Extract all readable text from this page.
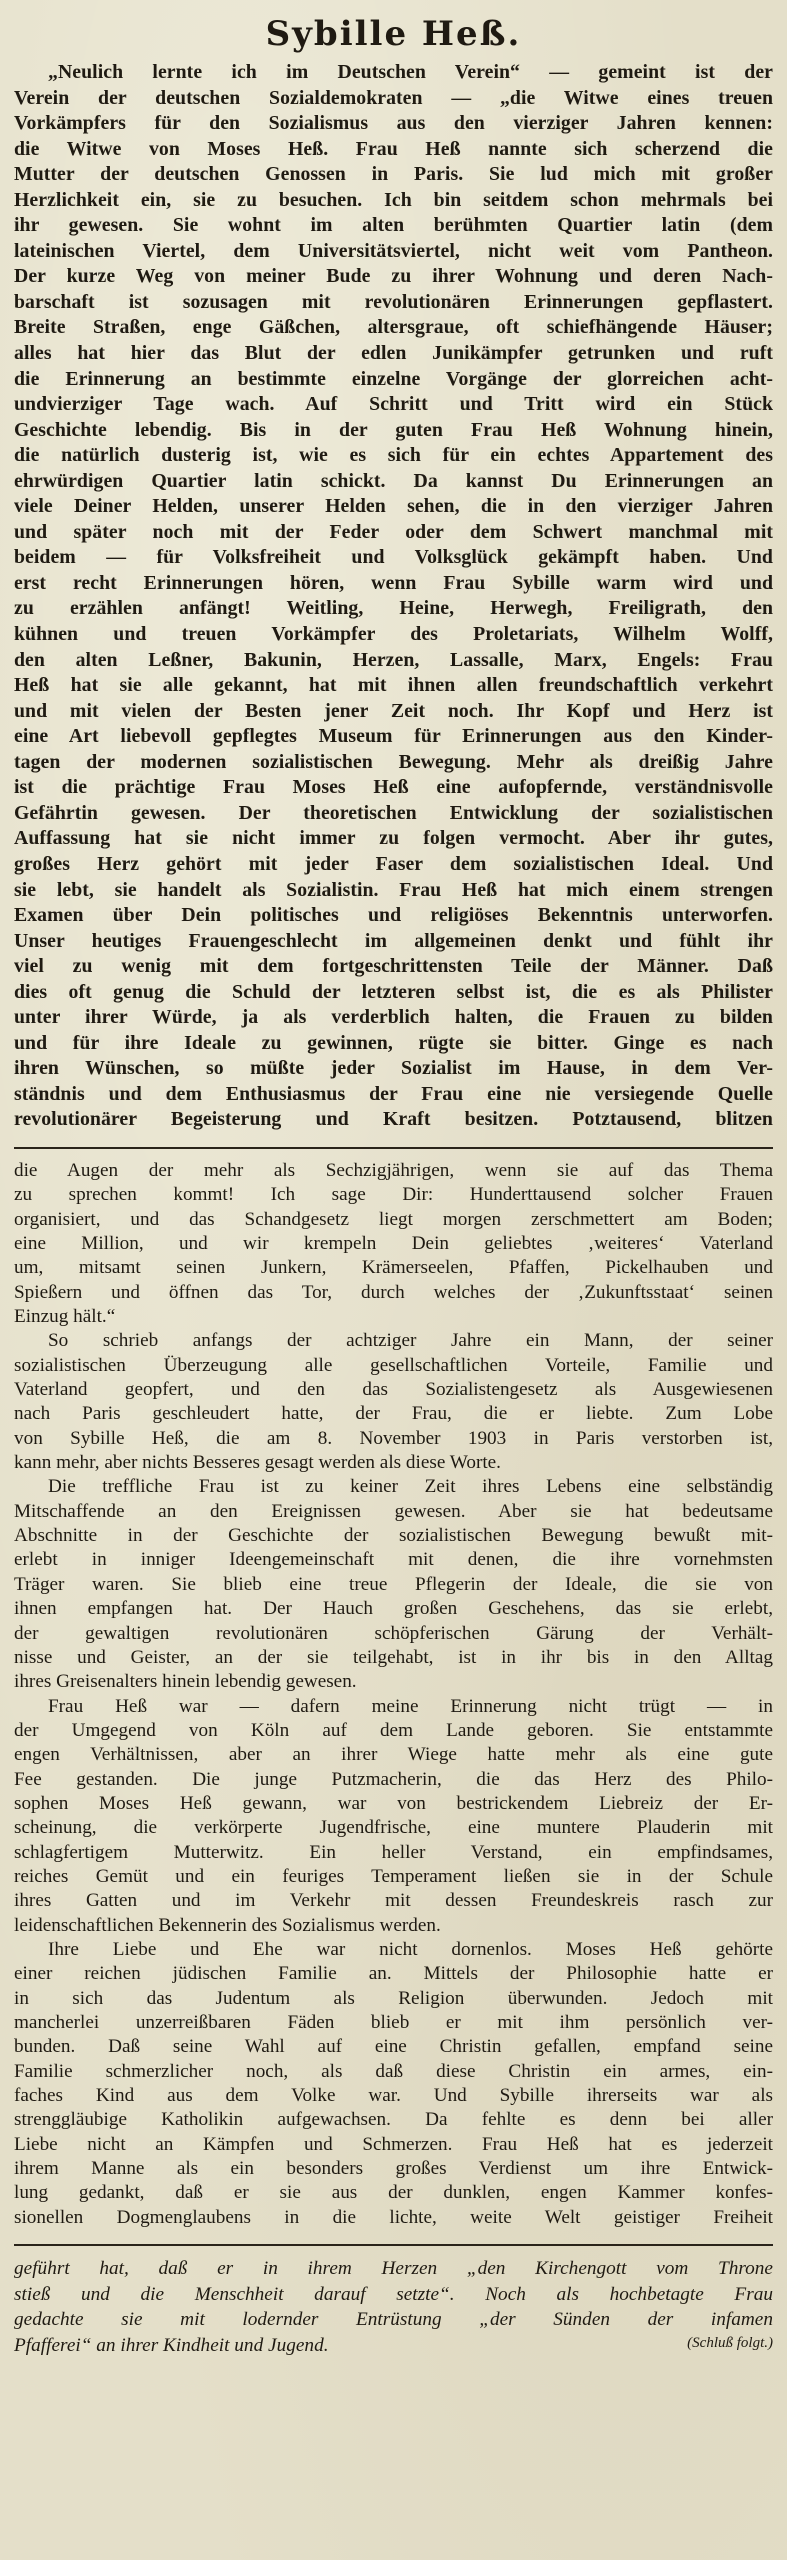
Sybille Heß.

„Neulich lernte ich im Deutschen Verein“ — gemeint ist der

Verein der deutschen Sozialdemokraten — „die Witwe eines treuen

Vorkämpfers für den Sozialismus aus den vierziger Jahren kennen:

die Witwe von Moses Heß. Frau Heß nannte sich scherzend die

Mutter der deutschen Genossen in Paris. Sie lud mich mit großer

Herzlichkeit ein, sie zu besuchen. Ich bin seitdem schon mehrmals bei

ihr gewesen. Sie wohnt im alten berühmten Quartier latin (dem

lateinischen Viertel, dem Universitätsviertel, nicht weit vom Pantheon.

Der kurze Weg von meiner Bude zu ihrer Wohnung und deren Nach-

barschaft ist sozusagen mit revolutionären Erinnerungen gepflastert.

Breite Straßen, enge Gäßchen, altersgraue, oft schiefhängende Häuser;

alles hat hier das Blut der edlen Junikämpfer getrunken und ruft

die Erinnerung an bestimmte einzelne Vorgänge der glorreichen acht-

undvierziger Tage wach. Auf Schritt und Tritt wird ein Stück

Geschichte lebendig. Bis in der guten Frau Heß Wohnung hinein,

die natürlich dusterig ist, wie es sich für ein echtes Appartement des

ehrwürdigen Quartier latin schickt. Da kannst Du Erinnerungen an

viele Deiner Helden, unserer Helden sehen, die in den vierziger Jahren

und später noch mit der Feder oder dem Schwert manchmal mit

beidem — für Volksfreiheit und Volksglück gekämpft haben. Und

erst recht Erinnerungen hören, wenn Frau Sybille warm wird und

zu erzählen anfängt! Weitling, Heine, Herwegh, Freiligrath, den

kühnen und treuen Vorkämpfer des Proletariats, Wilhelm Wolff,

den alten Leßner, Bakunin, Herzen, Lassalle, Marx, Engels: Frau

Heß hat sie alle gekannt, hat mit ihnen allen freundschaftlich verkehrt

und mit vielen der Besten jener Zeit noch. Ihr Kopf und Herz ist

eine Art liebevoll gepflegtes Museum für Erinnerungen aus den Kinder-

tagen der modernen sozialistischen Bewegung. Mehr als dreißig Jahre

ist die prächtige Frau Moses Heß eine aufopfernde, verständnisvolle

Gefährtin gewesen. Der theoretischen Entwicklung der sozialistischen

Auffassung hat sie nicht immer zu folgen vermocht. Aber ihr gutes,

großes Herz gehört mit jeder Faser dem sozialistischen Ideal. Und

sie lebt, sie handelt als Sozialistin. Frau Heß hat mich einem strengen

Examen über Dein politisches und religiöses Bekenntnis unterworfen.

Unser heutiges Frauengeschlecht im allgemeinen denkt und fühlt ihr

viel zu wenig mit dem fortgeschrittensten Teile der Männer. Daß

dies oft genug die Schuld der letzteren selbst ist, die es als Philister

unter ihrer Würde, ja als verderblich halten, die Frauen zu bilden

und für ihre Ideale zu gewinnen, rügte sie bitter. Ginge es nach

ihren Wünschen, so müßte jeder Sozialist im Hause, in dem Ver-

ständnis und dem Enthusiasmus der Frau eine nie versiegende Quelle

revolutionärer Begeisterung und Kraft besitzen. Potztausend, blitzen

die Augen der mehr als Sechzigjährigen, wenn sie auf das Thema

zu sprechen kommt! Ich sage Dir: Hunderttausend solcher Frauen

organisiert, und das Schandgesetz liegt morgen zerschmettert am Boden;

eine Million, und wir krempeln Dein geliebtes ‚weiteres‘ Vaterland

um, mitsamt seinen Junkern, Krämerseelen, Pfaffen, Pickelhauben und

Spießern und öffnen das Tor, durch welches der ‚Zukunftsstaat‘ seinen

Einzug hält.“

So schrieb anfangs der achtziger Jahre ein Mann, der seiner

sozialistischen Überzeugung alle gesellschaftlichen Vorteile, Familie und

Vaterland geopfert, und den das Sozialistengesetz als Ausgewiesenen

nach Paris geschleudert hatte, der Frau, die er liebte. Zum Lobe

von Sybille Heß, die am 8. November 1903 in Paris verstorben ist,

kann mehr, aber nichts Besseres gesagt werden als diese Worte.

Die treffliche Frau ist zu keiner Zeit ihres Lebens eine selbständig

Mitschaffende an den Ereignissen gewesen. Aber sie hat bedeutsame

Abschnitte in der Geschichte der sozialistischen Bewegung bewußt mit-

erlebt in inniger Ideengemeinschaft mit denen, die ihre vornehmsten

Träger waren. Sie blieb eine treue Pflegerin der Ideale, die sie von

ihnen empfangen hat. Der Hauch großen Geschehens, das sie erlebt,

der gewaltigen revolutionären schöpferischen Gärung der Verhält-

nisse und Geister, an der sie teilgehabt, ist in ihr bis in den Alltag

ihres Greisenalters hinein lebendig gewesen.

Frau Heß war — dafern meine Erinnerung nicht trügt — in

der Umgegend von Köln auf dem Lande geboren. Sie entstammte

engen Verhältnissen, aber an ihrer Wiege hatte mehr als eine gute

Fee gestanden. Die junge Putzmacherin, die das Herz des Philo-

sophen Moses Heß gewann, war von bestrickendem Liebreiz der Er-

scheinung, die verkörperte Jugendfrische, eine muntere Plauderin mit

schlagfertigem Mutterwitz. Ein heller Verstand, ein empfindsames,

reiches Gemüt und ein feuriges Temperament ließen sie in der Schule

ihres Gatten und im Verkehr mit dessen Freundeskreis rasch zur

leidenschaftlichen Bekennerin des Sozialismus werden.

Ihre Liebe und Ehe war nicht dornenlos. Moses Heß gehörte

einer reichen jüdischen Familie an. Mittels der Philosophie hatte er

in sich das Judentum als Religion überwunden. Jedoch mit

mancherlei unzerreißbaren Fäden blieb er mit ihm persönlich ver-

bunden. Daß seine Wahl auf eine Christin gefallen, empfand seine

Familie schmerzlicher noch, als daß diese Christin ein armes, ein-

faches Kind aus dem Volke war. Und Sybille ihrerseits war als

strenggläubige Katholikin aufgewachsen. Da fehlte es denn bei aller

Liebe nicht an Kämpfen und Schmerzen. Frau Heß hat es jederzeit

ihrem Manne als ein besonders großes Verdienst um ihre Entwick-

lung gedankt, daß er sie aus der dunklen, engen Kammer konfes-

sionellen Dogmenglaubens in die lichte, weite Welt geistiger Freiheit

geführt hat, daß er in ihrem Herzen „den Kirchengott vom Throne

stieß und die Menschheit darauf setzte“. Noch als hochbetagte Frau

gedachte sie mit lodernder Entrüstung „der Sünden der infamen

Pfafferei“ an ihrer Kindheit und Jugend.	(Schluß folgt.)
